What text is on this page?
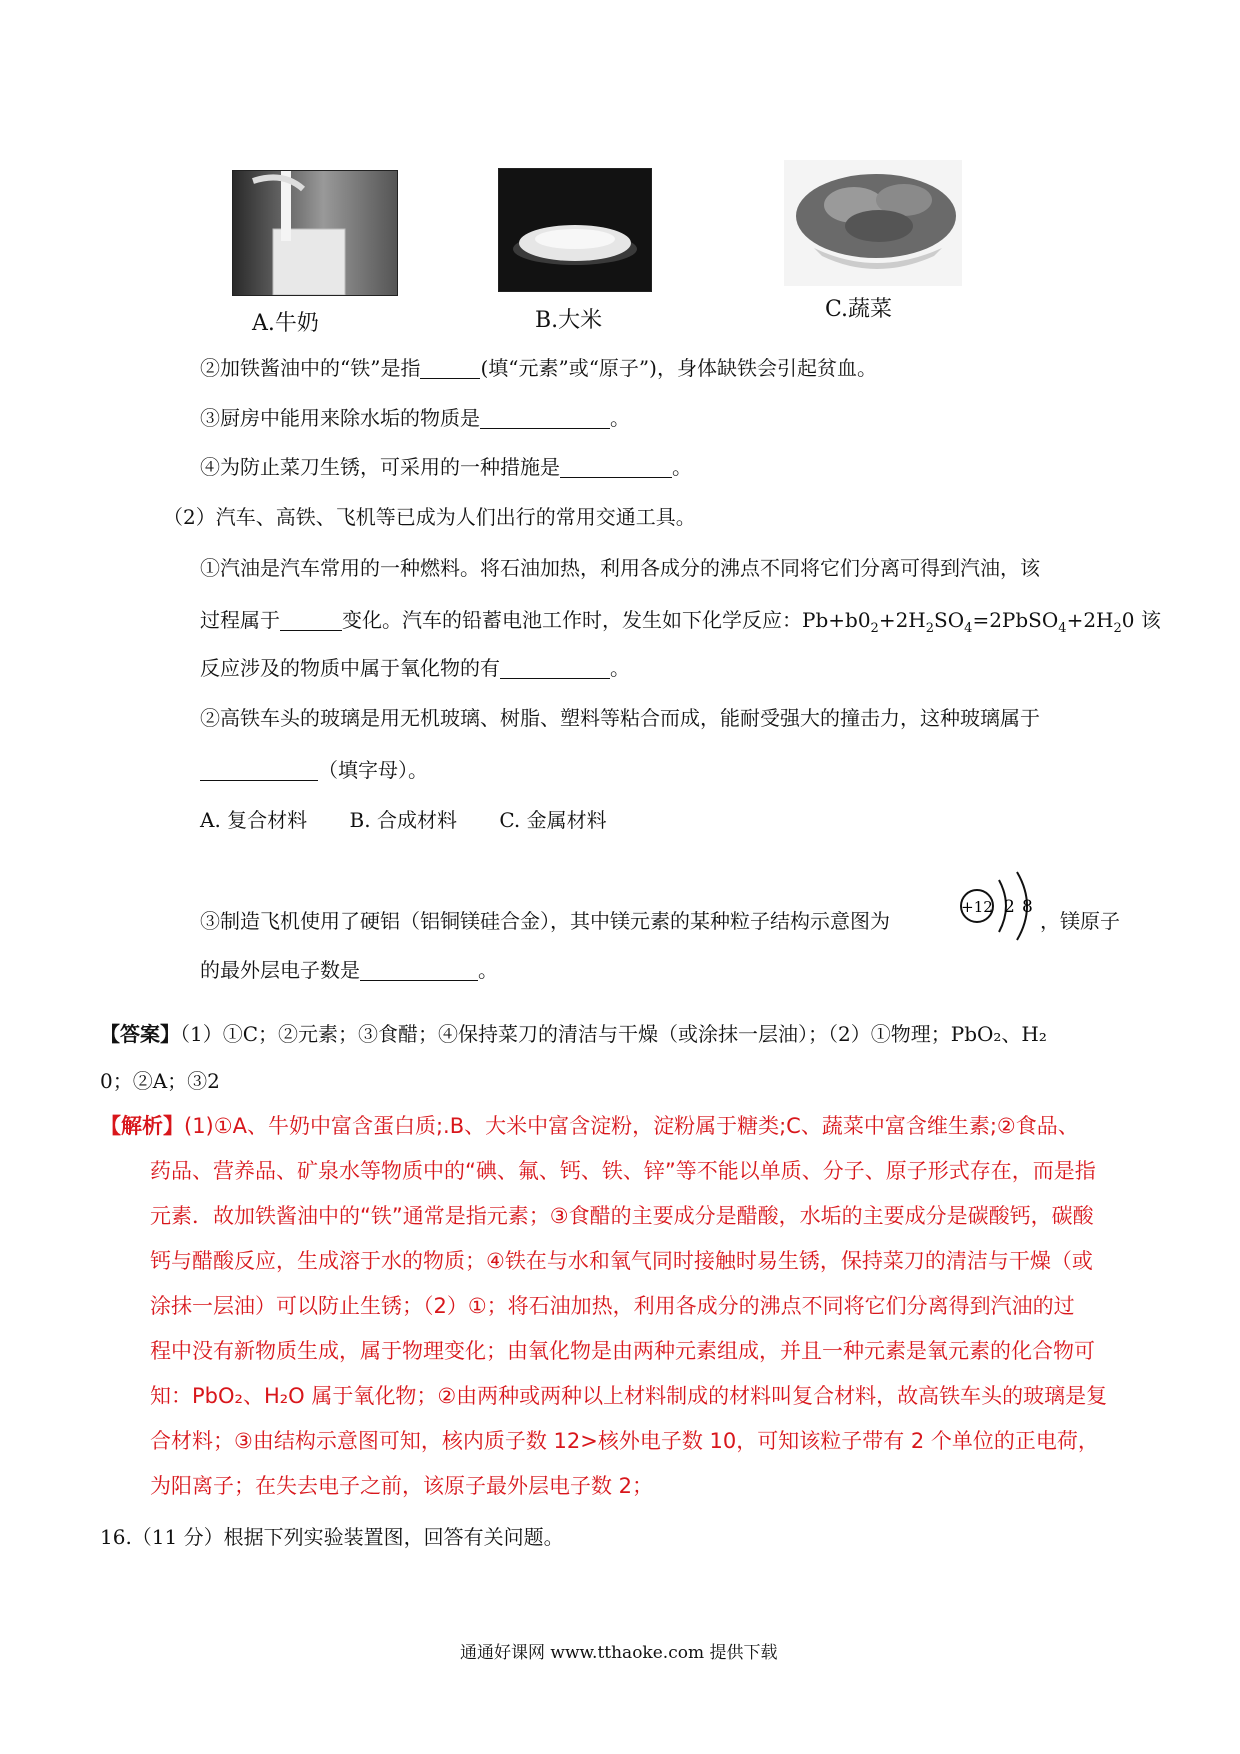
A.牛奶	B.大米	C.蔬菜
②加铁酱油中的“铁”是指	(填“元素”或“原子”)，身体缺铁会引起贫血。
③厨房中能用来除水垢的物质是	。
④为防止菜刀生锈，可采用的一种措施是	。
（2）汽车、高铁、飞机等已成为人们出行的常用交通工具。
①汽油是汽车常用的一种燃料。将石油加热，利用各成分的沸点不同将它们分离可得到汽油，该
过程属于	变化。汽车的铅蓄电池工作时，发生如下化学反应：$Pb+b0_2+2H_2SO_4=2PbSO_4+2H_20$ 该
反应涉及的物质中属于氧化物的有	。
②高铁车头的玻璃是用无机玻璃、树脂、塑料等粘合而成，能耐受强大的撞击力，这种玻璃属于
（填字母）。
A. 复合材料 B. 合成材料 C. 金属材料
+12 2 8
③制造飞机使用了硬铝（铝铜镁硅合金），其中镁元素的某种粒子结构示意图为	，镁原子
的最外层电子数是	。
【答案】（1）①C；②元素；③食醋；④保持菜刀的清洁与干燥（或涂抹一层油）；（2）①物理；PbO₂、H₂
0；②A；③2
【解析】(1)①A、牛奶中富含蛋白质;.B、大米中富含淀粉，淀粉属于糖类;C、蔬菜中富含维生素;②食品、
药品、营养品、矿泉水等物质中的“碘、氟、钙、铁、锌”等不能以单质、分子、原子形式存在，而是指
元素．故加铁酱油中的“铁”通常是指元素；③食醋的主要成分是醋酸，水垢的主要成分是碳酸钙，碳酸
钙与醋酸反应，生成溶于水的物质；④铁在与水和氧气同时接触时易生锈，保持菜刀的清洁与干燥（或
涂抹一层油）可以防止生锈；（2）①；将石油加热，利用各成分的沸点不同将它们分离得到汽油的过
程中没有新物质生成，属于物理变化；由氧化物是由两种元素组成，并且一种元素是氧元素的化合物可
知：PbO₂、H₂O 属于氧化物；②由两种或两种以上材料制成的材料叫复合材料，故高铁车头的玻璃是复
合材料；③由结构示意图可知，核内质子数 12>核外电子数 10，可知该粒子带有 2 个单位的正电荷，
为阳离子；在失去电子之前，该原子最外层电子数 2；
16.（11 分）根据下列实验装置图，回答有关问题。
通通好课网 www.tthaoke.com 提供下载
